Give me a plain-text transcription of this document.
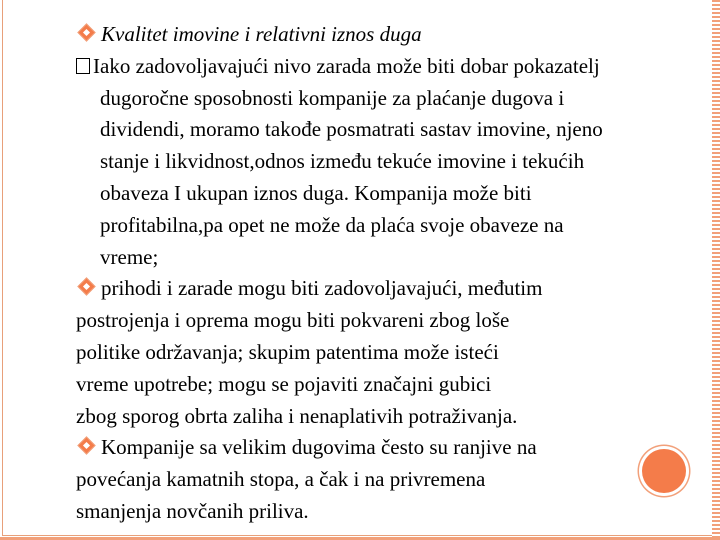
Kvalitet imovine i relativni iznos duga
Iako zadovoljavajući nivo zarada može biti dobar pokazatelj
dugoročne sposobnosti kompanije za plaćanje dugova i
dividendi, moramo takođe posmatrati sastav imovine, njeno
stanje i likvidnost,odnos između tekuće imovine i tekućih
obaveza I ukupan iznos duga. Kompanija može biti
profitabilna,pa opet ne može da plaća svoje obaveze na
vreme;
prihodi i zarade mogu biti zadovoljavajući, međutim
postrojenja i oprema mogu biti pokvareni zbog loše
politike održavanja; skupim patentima može isteći
vreme upotrebe; mogu se pojaviti značajni gubici
zbog sporog obrta zaliha i nenaplativih potraživanja.
Kompanije sa velikim dugovima često su ranjive na
povećanja kamatnih stopa, a čak i na privremena
smanjenja novčanih priliva.
